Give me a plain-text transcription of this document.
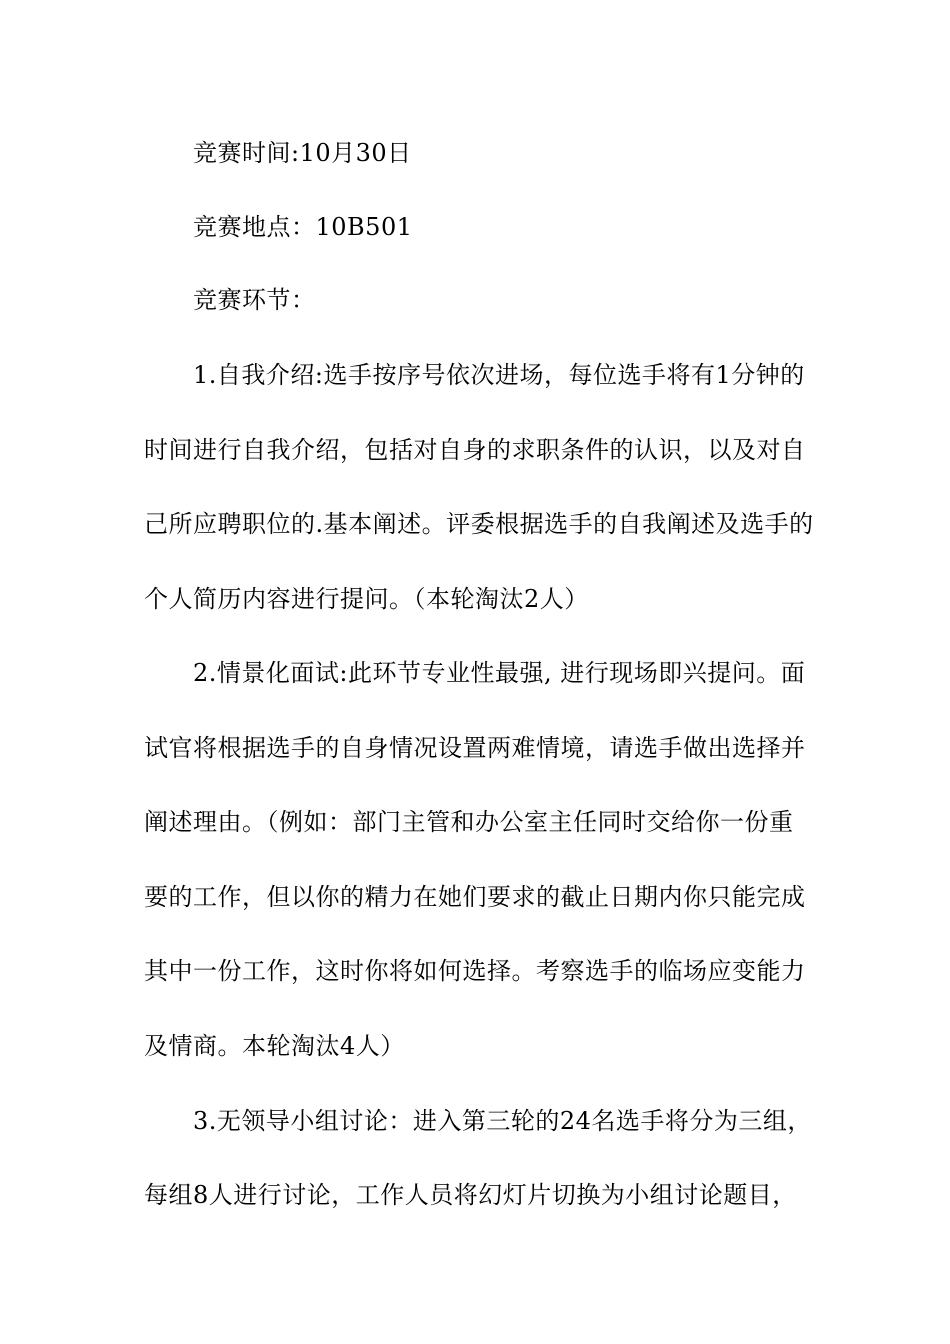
竞赛时间:10月30日
竞赛地点：10B501
竞赛环节：
1.自我介绍:选手按序号依次进场，每位选手将有1分钟的
时间进行自我介绍，包括对自身的求职条件的认识，以及对自
己所应聘职位的.基本阐述。评委根据选手的自我阐述及选手的
个人简历内容进行提问。（本轮淘汰2人）
2.情景化面试:此环节专业性最强, 进行现场即兴提问。面
试官将根据选手的自身情况设置两难情境，请选手做出选择并
阐述理由。（例如：部门主管和办公室主任同时交给你一份重
要的工作，但以你的精力在她们要求的截止日期内你只能完成
其中一份工作，这时你将如何选择。考察选手的临场应变能力
及情商。本轮淘汰4人）
3.无领导小组讨论：进入第三轮的24名选手将分为三组，
每组8人进行讨论，工作人员将幻灯片切换为小组讨论题目，
